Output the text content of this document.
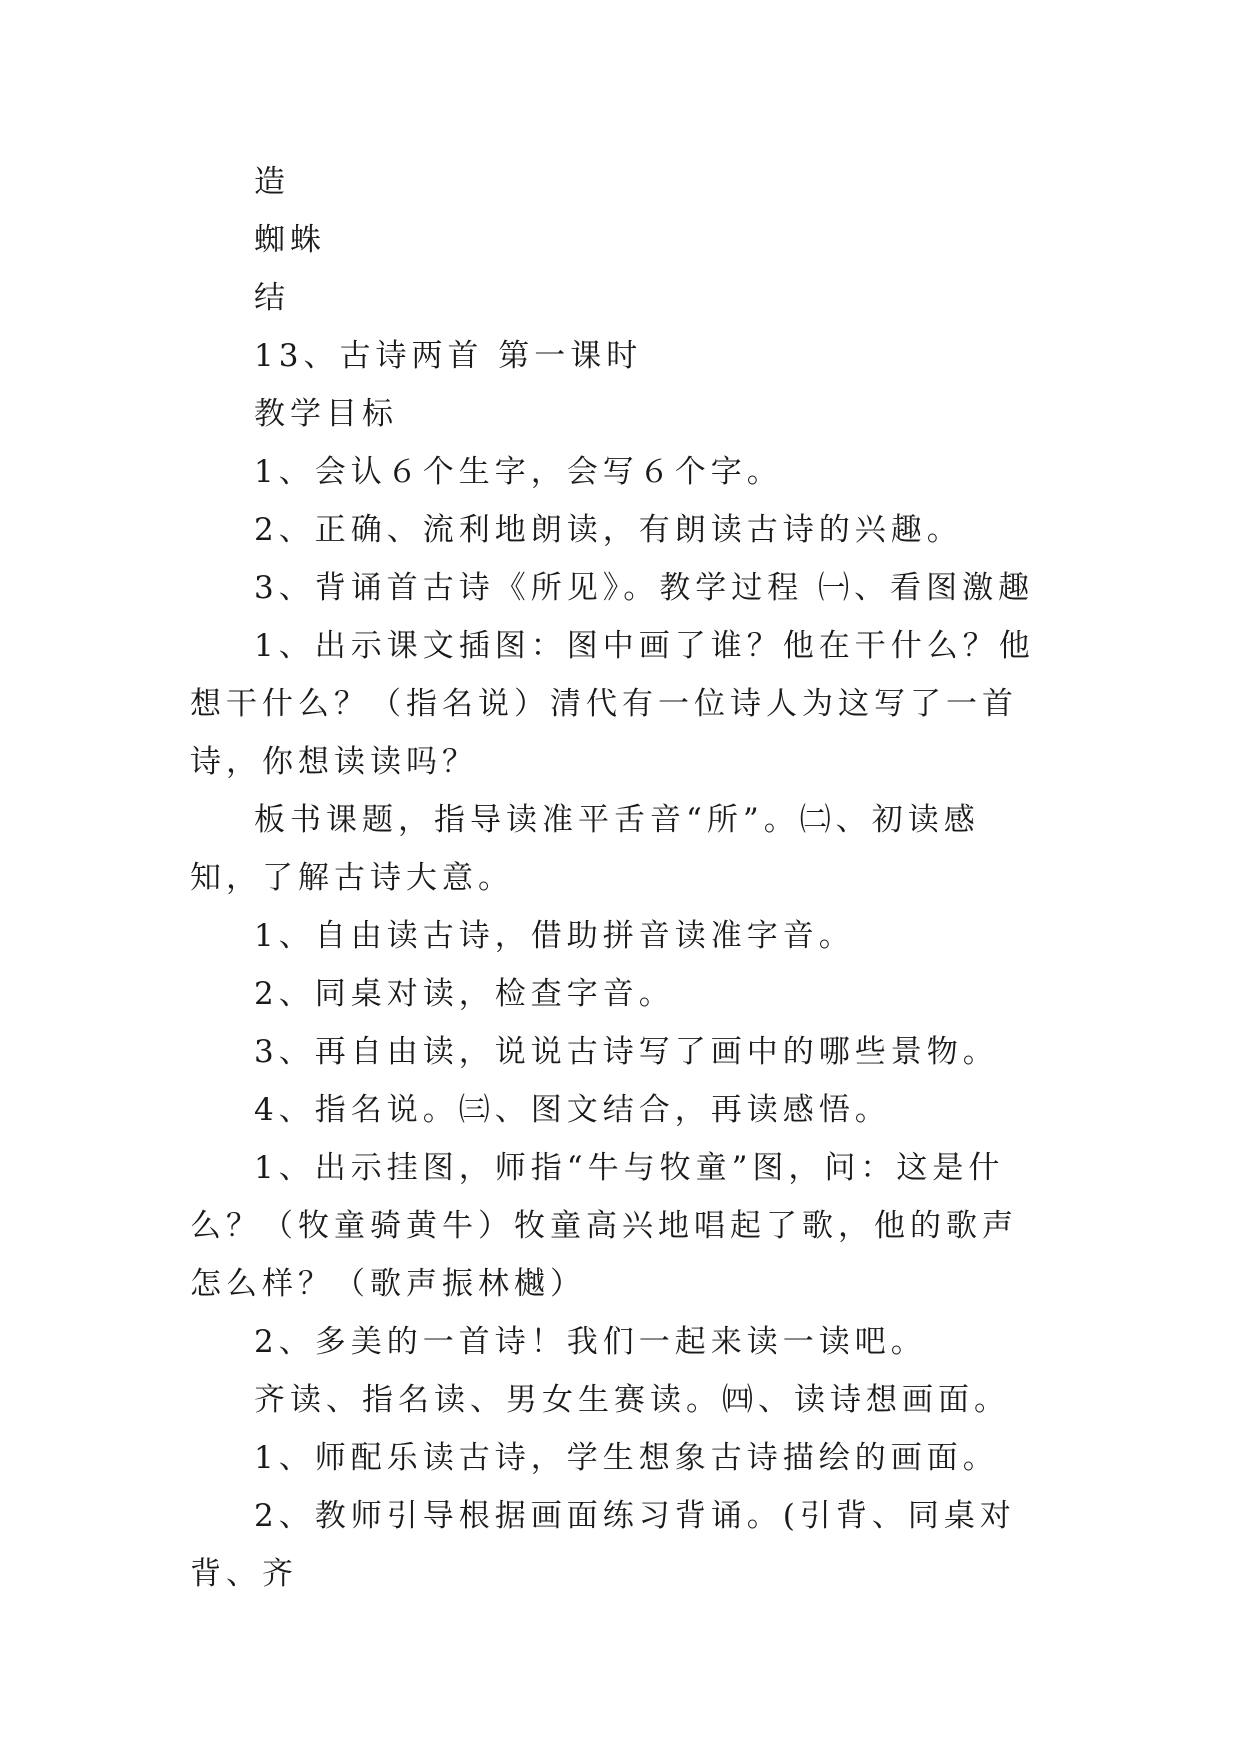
造

蜘蛛

结

13、古诗两首 第一课时

教学目标

1、会认６个生字，会写６个字。

2、正确、流利地朗读，有朗读古诗的兴趣。

3、背诵首古诗《所见》。教学过程 ㈠、看图激趣

1、出示课文插图：图中画了谁？他在干什么？他想干什么？（指名说）清代有一位诗人为这写了一首诗，你想读读吗？

板书课题，指导读准平舌音“所”。㈡、初读感知，了解古诗大意。

1、自由读古诗，借助拼音读准字音。

2、同桌对读，检查字音。

3、再自由读，说说古诗写了画中的哪些景物。

4、指名说。㈢、图文结合，再读感悟。

1、出示挂图，师指“牛与牧童”图，问：这是什么？（牧童骑黄牛）牧童高兴地唱起了歌，他的歌声怎么样？（歌声振林樾）

2、多美的一首诗！我们一起来读一读吧。

齐读、指名读、男女生赛读。㈣、读诗想画面。

1、师配乐读古诗，学生想象古诗描绘的画面。

2、教师引导根据画面练习背诵。(引背、同桌对背、齐
